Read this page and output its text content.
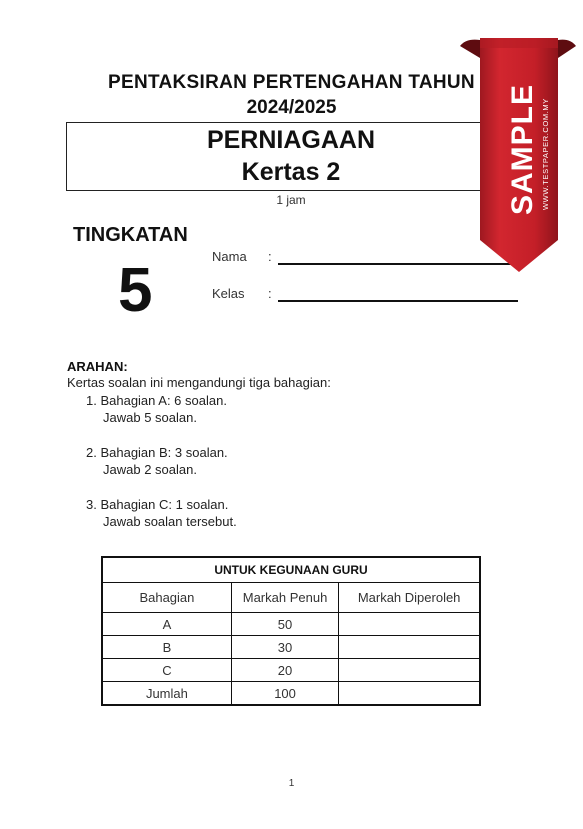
PENTAKSIRAN PERTENGAHAN TAHUN
2024/2025
PERNIAGAAN
Kertas 2
1 jam
TINGKATAN
5	Nama :
Kelas :
ARAHAN:
Kertas soalan ini mengandungi tiga bahagian:
1. Bahagian A: 6 soalan.
Jawab 5 soalan.
2. Bahagian B: 3 soalan.
Jawab 2 soalan.
3. Bahagian C: 1 soalan.
Jawab soalan tersebut.
UNTUK KEGUNAAN GURU		
Bahagian	Markah Penuh	Markah Diperoleh
A	50	
B	30	
C	20	
Jumlah	100	
1
SAMPLE WWW.TESTPAPER.COM.MY
